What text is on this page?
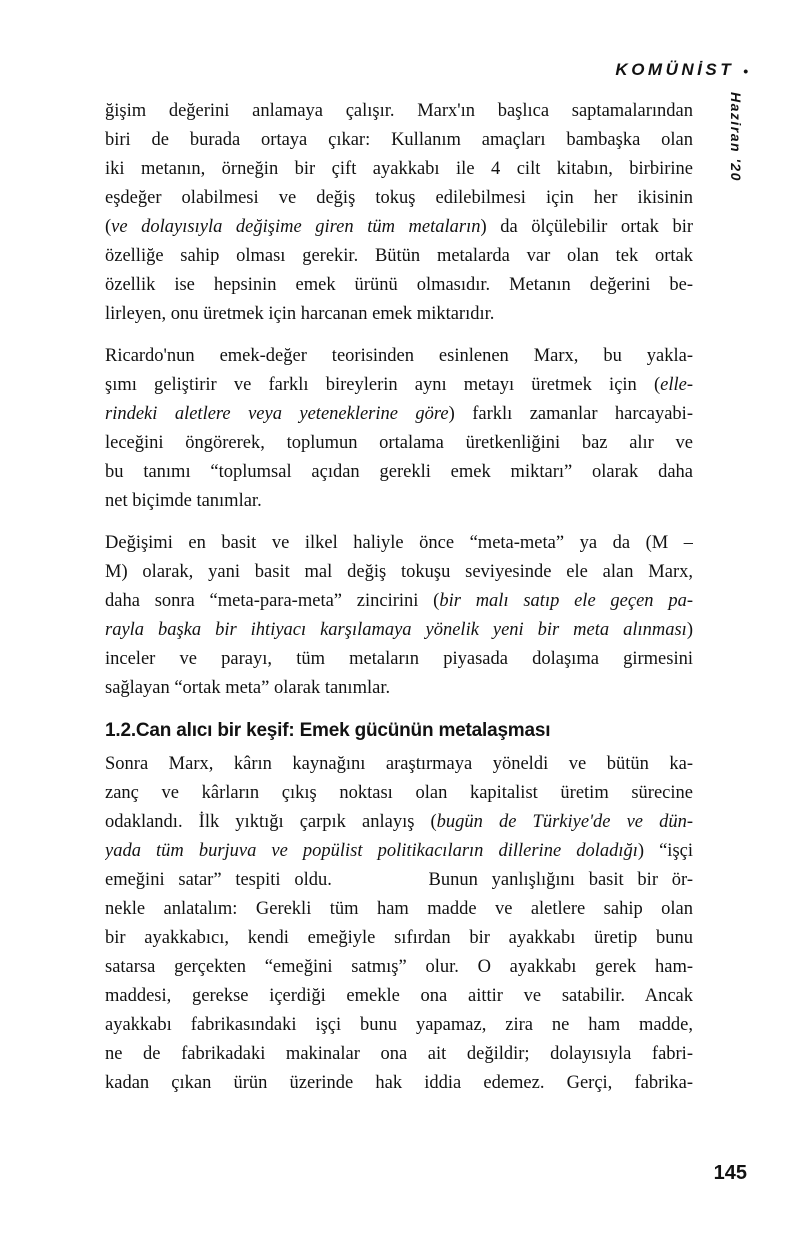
KOMÜNİST •
Haziran '20
ğişim değerini anlamaya çalışır. Marx'ın başlıca saptamalarından
biri de burada ortaya çıkar: Kullanım amaçları bambaşka olan
iki metanın, örneğin bir çift ayakkabı ile 4 cilt kitabın, birbirine
eşdeğer olabilmesi ve değiş tokuş edilebilmesi için her ikisinin
(ve dolayısıyla değişime giren tüm metaların) da ölçülebilir ortak bir
özelliğe sahip olması gerekir. Bütün metalarda var olan tek ortak
özellik ise hepsinin emek ürünü olmasıdır. Metanın değerini be-
lirleyen, onu üretmek için harcanan emek miktarıdır.
Ricardo'nun emek-değer teorisinden esinlenen Marx, bu yakla-
şımı geliştirir ve farklı bireylerin aynı metayı üretmek için (elle-
rindeki aletlere veya yeteneklerine göre) farklı zamanlar harcayabi-
leceğini öngörerek, toplumun ortalama üretkenliğini baz alır ve
bu tanımı “toplumsal açıdan gerekli emek miktarı” olarak daha
net biçimde tanımlar.
Değişimi en basit ve ilkel haliyle önce “meta-meta” ya da (M –
M) olarak, yani basit mal değiş tokuşu seviyesinde ele alan Marx,
daha sonra “meta-para-meta” zincirini (bir malı satıp ele geçen pa-
rayla başka bir ihtiyacı karşılamaya yönelik yeni bir meta alınması)
inceler ve parayı, tüm metaların piyasada dolaşıma girmesini
sağlayan “ortak meta” olarak tanımlar.
1.2.Can alıcı bir keşif: Emek gücünün metalaşması
Sonra Marx, kârın kaynağını araştırmaya yöneldi ve bütün ka-
zanç ve kârların çıkış noktası olan kapitalist üretim sürecine
odaklandı. İlk yıktığı çarpık anlayış (bugün de Türkiye'de ve dün-
yada tüm burjuva ve popülist politikacıların dillerine doladığı) “işçi
emeğini satar” tespiti oldu.       Bunun yanlışlığını basit bir ör-
nekle anlatalım: Gerekli tüm ham madde ve aletlere sahip olan
bir ayakkabıcı, kendi emeğiyle sıfırdan bir ayakkabı üretip bunu
satarsa gerçekten “emeğini satmış” olur. O ayakkabı gerek ham-
maddesi, gerekse içerdiği emekle ona aittir ve satabilir. Ancak
ayakkabı fabrikasındaki işçi bunu yapamaz, zira ne ham madde,
ne de fabrikadaki makinalar ona ait değildir; dolayısıyla fabri-
kadan çıkan ürün üzerinde hak iddia edemez. Gerçi, fabrika-
145
